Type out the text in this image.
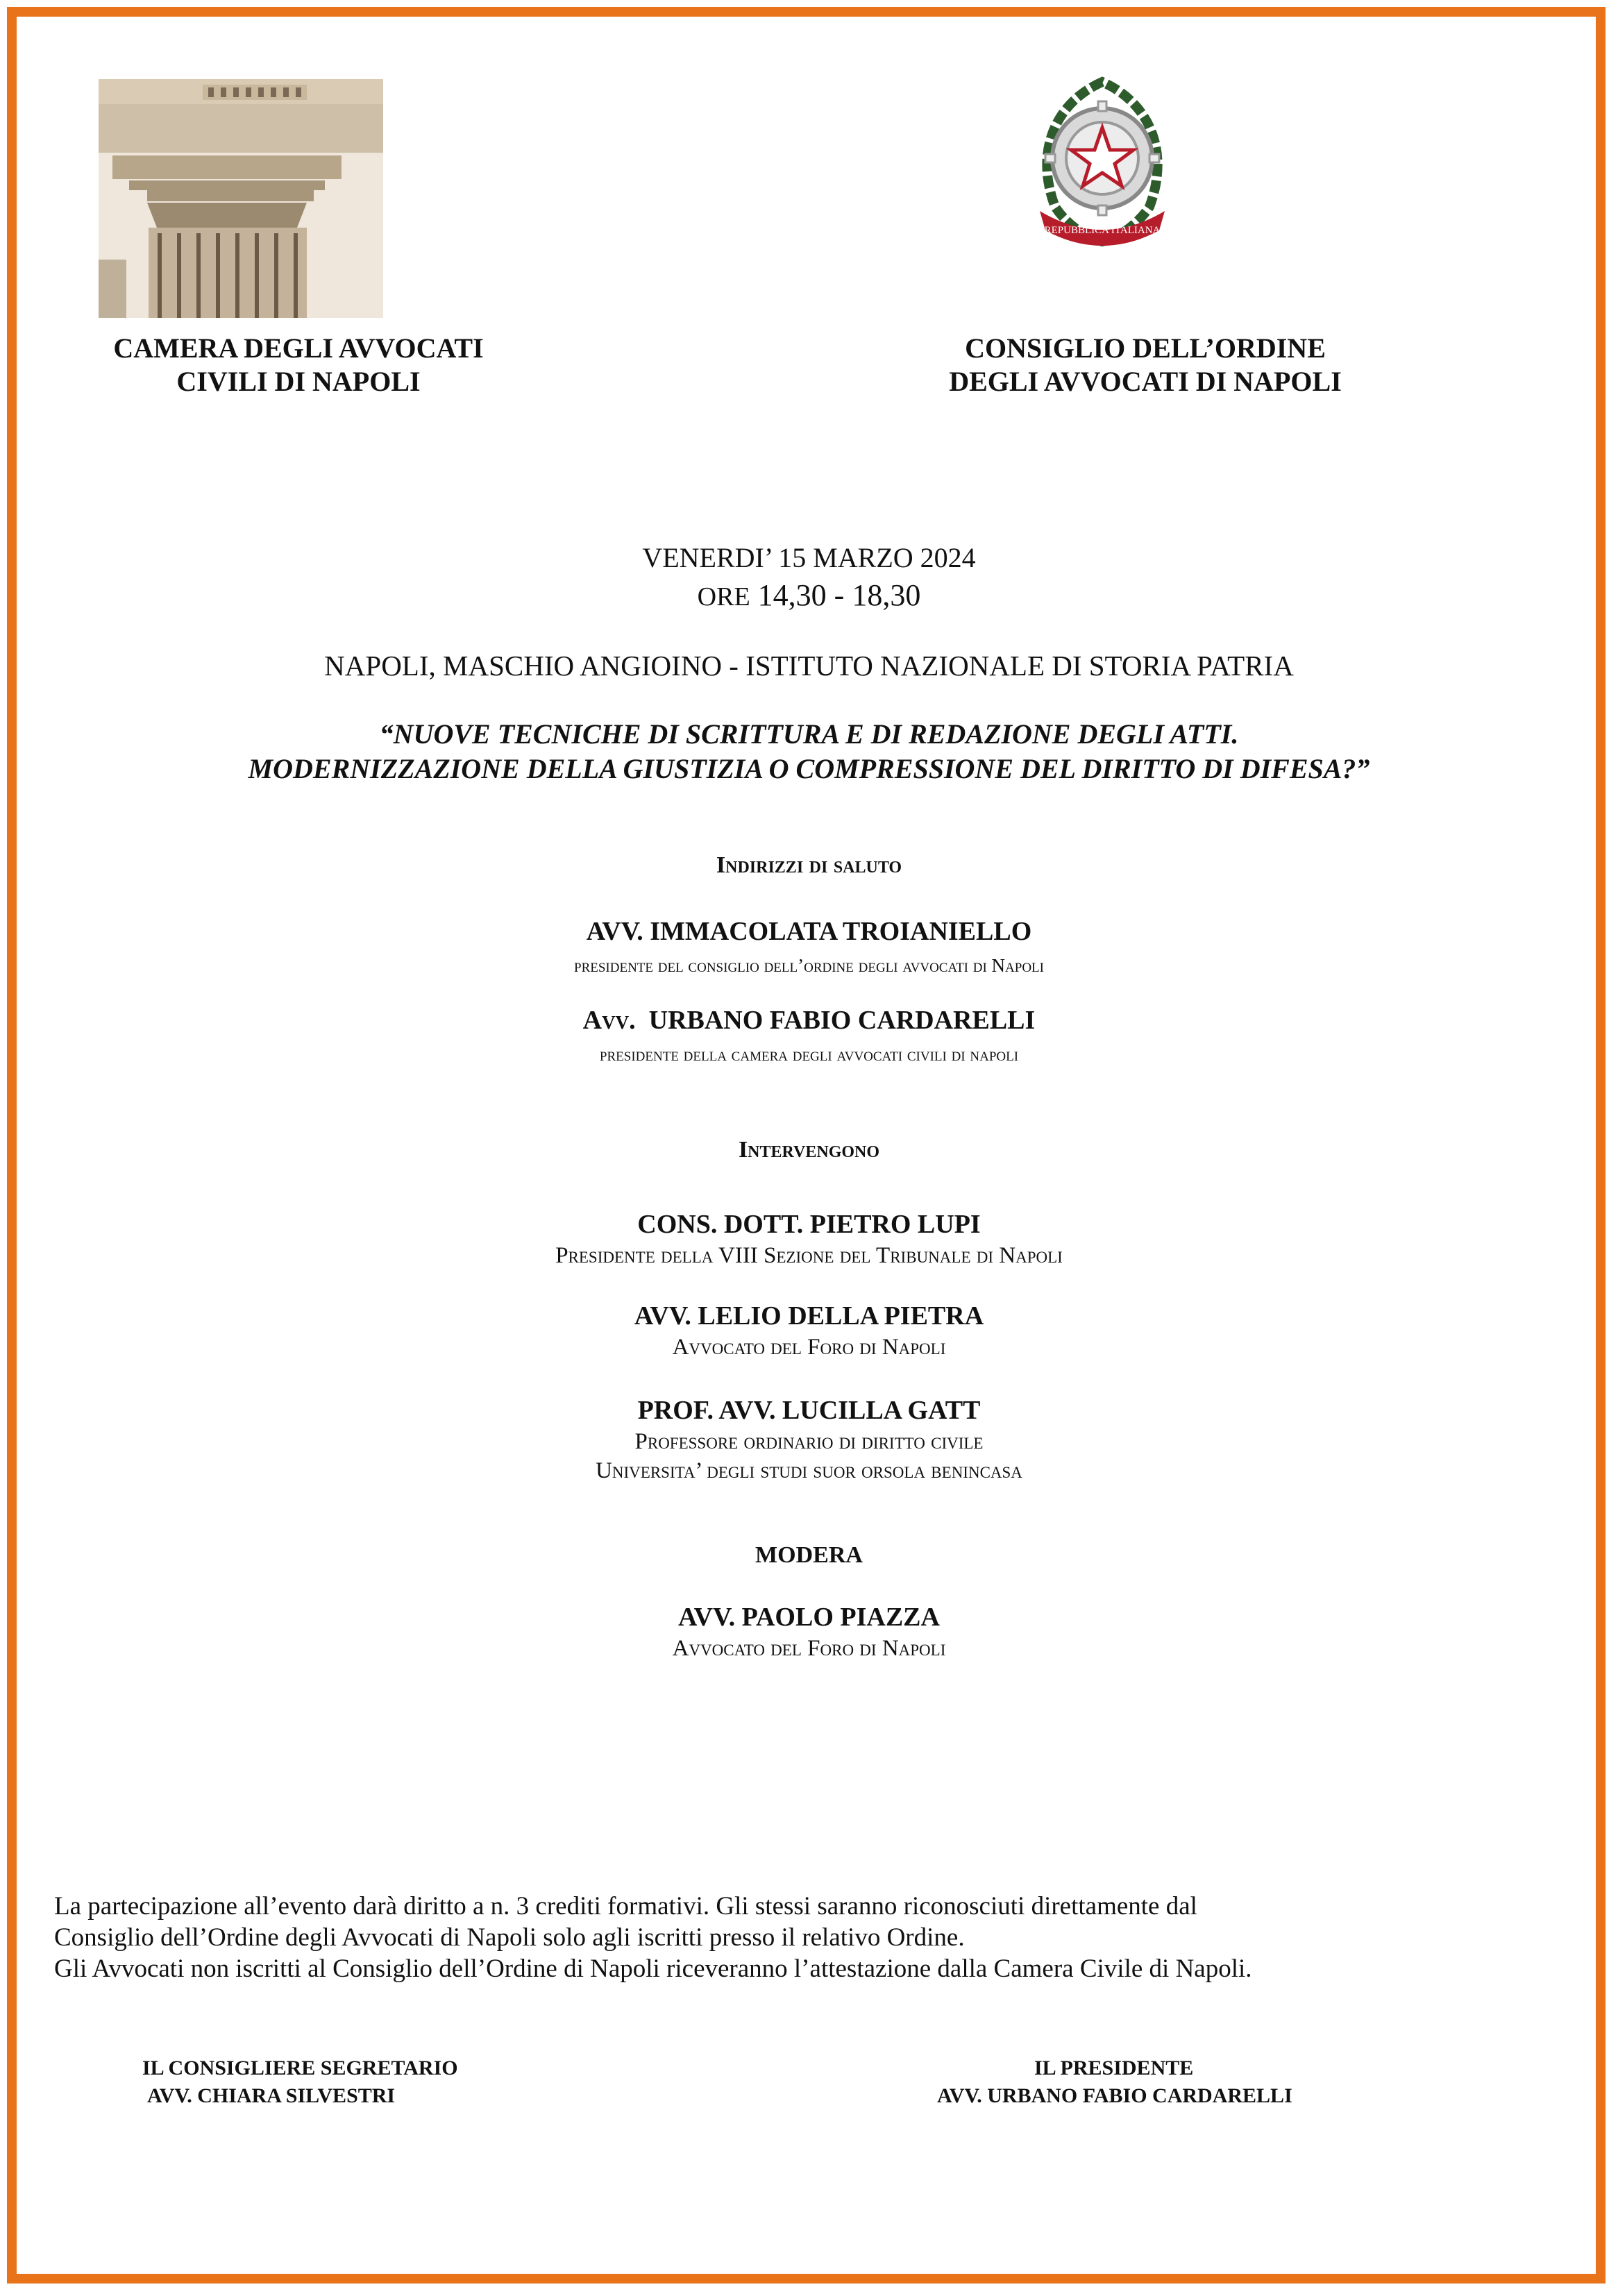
REPUBBLICA ITALIANA
CAMERA DEGLI AVVOCATI
CIVILI DI NAPOLI
CONSIGLIO DELL’ORDINE
DEGLI AVVOCATI DI NAPOLI
VENERDI’ 15 MARZO 2024
ORE 14,30 - 18,30
NAPOLI, MASCHIO ANGIOINO - ISTITUTO NAZIONALE DI STORIA PATRIA
“NUOVE TECNICHE DI SCRITTURA E DI REDAZIONE DEGLI ATTI.
MODERNIZZAZIONE DELLA GIUSTIZIA O COMPRESSIONE DEL DIRITTO DI DIFESA?”
Indirizzi di saluto
AVV. IMMACOLATA TROIANIELLO
presidente del consiglio dell’ordine degli avvocati di Napoli
Avv. URBANO FABIO CARDARELLI
presidente della camera degli avvocati civili di napoli
Intervengono
CONS. DOTT. PIETRO LUPI
Presidente della VIII Sezione del Tribunale di Napoli
AVV. LELIO DELLA PIETRA
Avvocato del Foro di Napoli
PROF. AVV. LUCILLA GATT
Professore ordinario di diritto civile
Universita’ degli studi suor orsola benincasa
MODERA
AVV. PAOLO PIAZZA
Avvocato del Foro di Napoli
La partecipazione all’evento darà diritto a n. 3 crediti formativi. Gli stessi saranno riconosciuti direttamente dal
Consiglio dell’Ordine degli Avvocati di Napoli solo agli iscritti presso il relativo Ordine.
Gli Avvocati non iscritti al Consiglio dell’Ordine di Napoli riceveranno l’attestazione dalla Camera Civile di Napoli.
IL CONSIGLIERE SEGRETARIO
AVV. CHIARA SILVESTRI
IL PRESIDENTE
AVV. URBANO FABIO CARDARELLI
